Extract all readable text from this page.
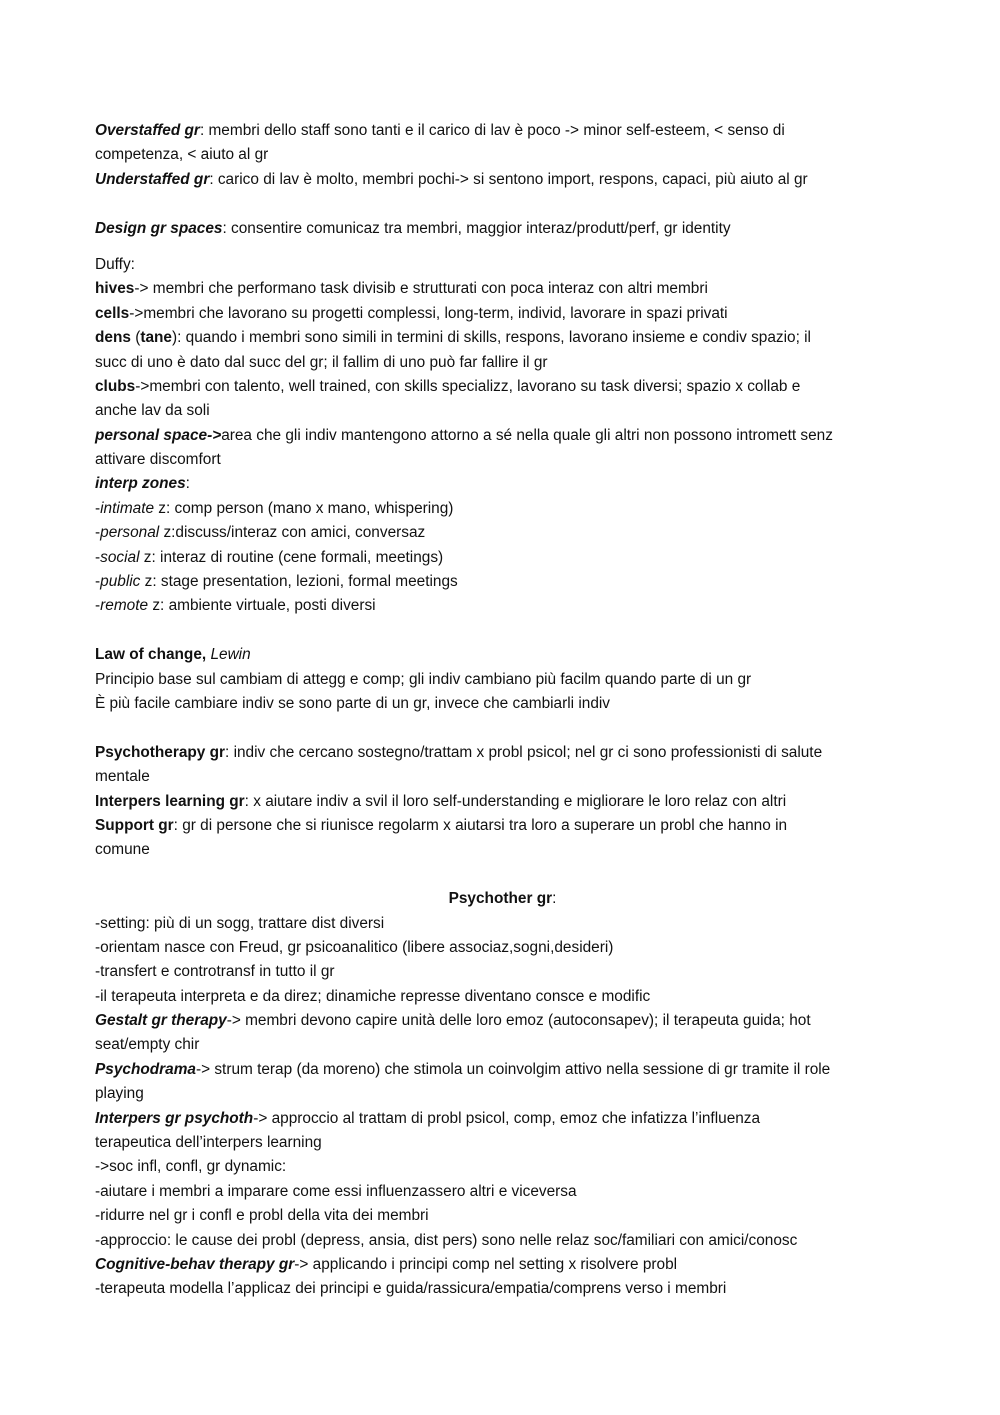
Overstaffed gr: membri dello staff sono tanti e il carico di lav è poco -> minor self-esteem, < senso di
competenza, < aiuto al gr
Understaffed gr: carico di lav è molto, membri pochi-> si sentono import, respons, capaci, più aiuto al gr
Design gr spaces: consentire comunicaz tra membri, maggior interaz/produtt/perf, gr identity
Duffy:
hives-> membri che performano task divisib e strutturati con poca interaz con altri membri
cells->membri che lavorano su progetti complessi, long-term, individ, lavorare in spazi privati
dens (tane): quando i membri sono simili in termini di skills, respons, lavorano insieme e condiv spazio; il
succ di uno è dato dal succ del gr; il fallim di uno può far fallire il gr
clubs->membri con talento, well trained, con skills specializz, lavorano su task diversi; spazio x collab e
anche lav da soli
personal space->area che gli indiv mantengono attorno a sé nella quale gli altri non possono intromett senz
attivare discomfort
interp zones:
-intimate z: comp person (mano x mano, whispering)
-personal z:discuss/interaz con amici, conversaz
-social z: interaz di routine (cene formali, meetings)
-public z: stage presentation, lezioni, formal meetings
-remote z: ambiente virtuale, posti diversi
Law of change, Lewin
Principio base sul cambiam di attegg e comp; gli indiv cambiano più facilm quando parte di un gr
È più facile cambiare indiv se sono parte di un gr, invece che cambiarli indiv
Psychotherapy gr: indiv che cercano sostegno/trattam x probl psicol; nel gr ci sono professionisti di salute
mentale
Interpers learning gr: x aiutare indiv a svil il loro self-understanding e migliorare le loro relaz con altri
Support gr: gr di persone che si riunisce regolarm x aiutarsi tra loro a superare un probl che hanno in
comune
Psychother gr:
-setting: più di un sogg, trattare dist diversi
-orientam nasce con Freud, gr psicoanalitico (libere associaz,sogni,desideri)
-transfert e controtransf in tutto il gr
-il terapeuta interpreta e da direz; dinamiche represse diventano consce e modific
Gestalt gr therapy-> membri devono capire unità delle loro emoz (autoconsapev); il terapeuta guida; hot
seat/empty chir
Psychodrama-> strum terap (da moreno) che stimola un coinvolgim attivo nella sessione di gr tramite il role
playing
Interpers gr psychoth-> approccio al trattam di probl psicol, comp, emoz che infatizza l’influenza
terapeutica dell’interpers learning
->soc infl, confl, gr dynamic:
-aiutare i membri a imparare come essi influenzassero altri e viceversa
-ridurre nel gr i confl e probl della vita dei membri
-approccio: le cause dei probl (depress, ansia, dist pers) sono nelle relaz soc/familiari con amici/conosc
Cognitive-behav therapy gr-> applicando i principi comp nel setting x risolvere probl
-terapeuta modella l’applicaz dei principi e guida/rassicura/empatia/comprens verso i membri
